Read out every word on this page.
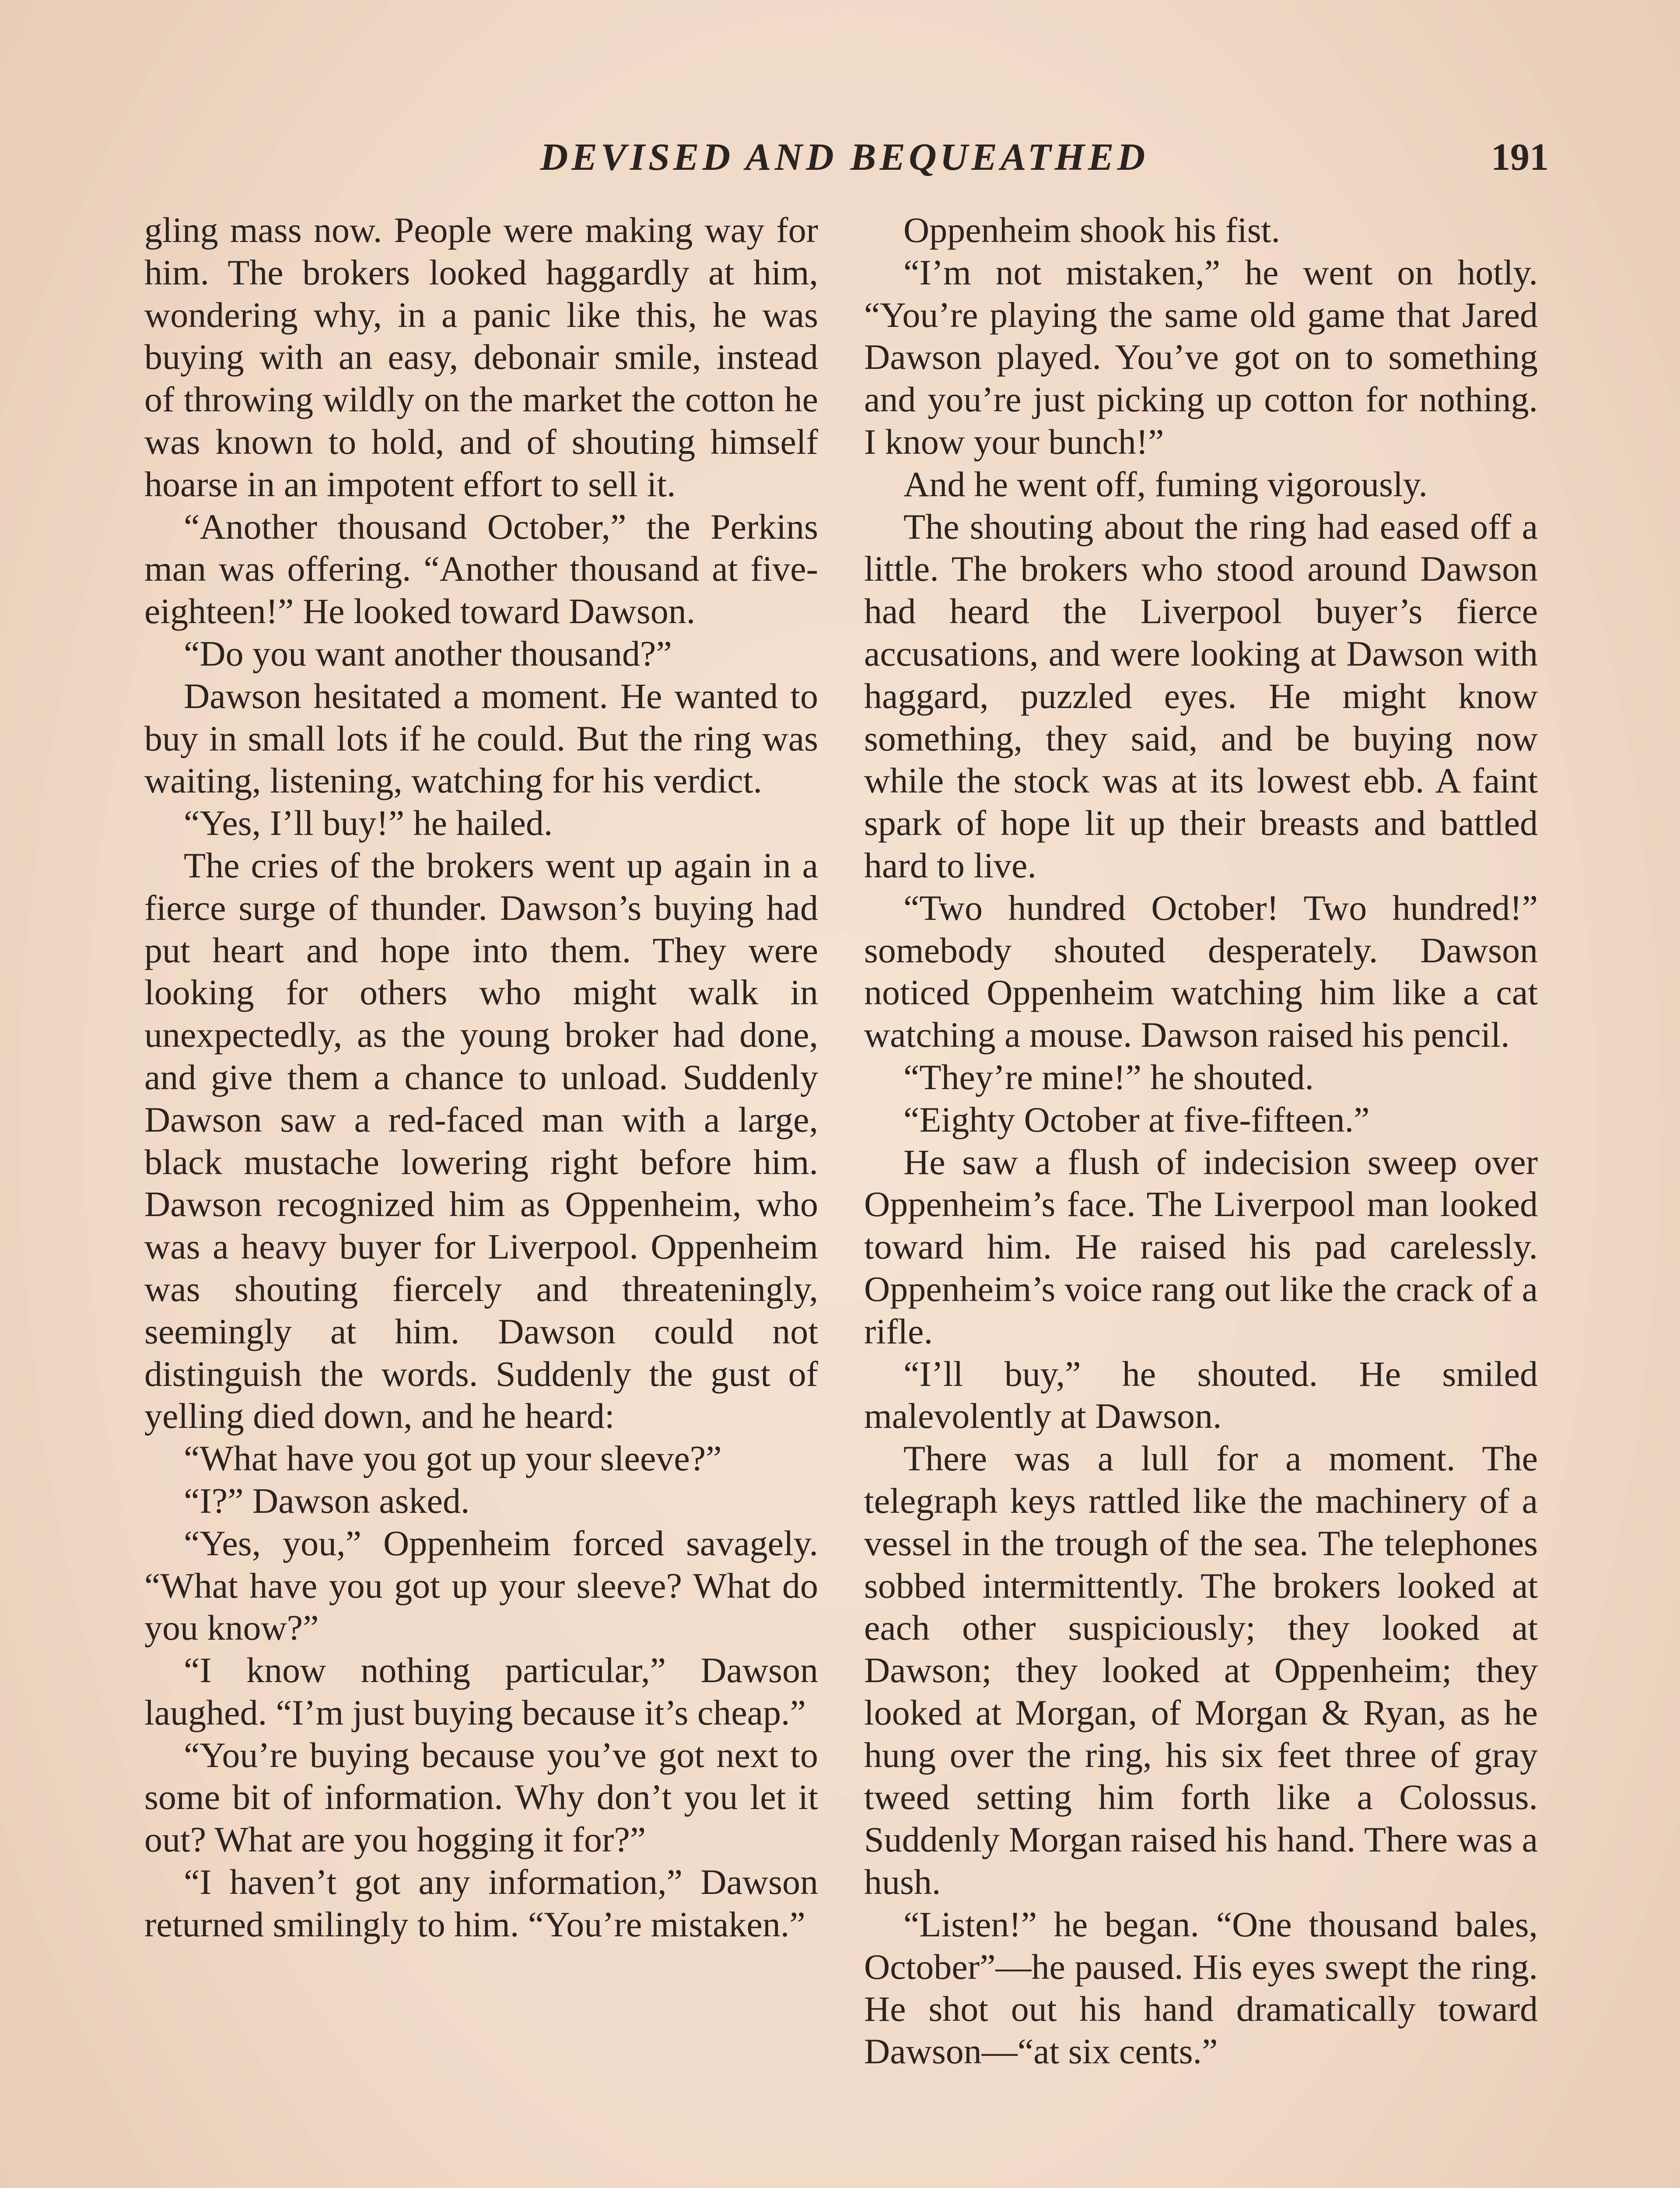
DEVISED AND BEQUEATHED	191

gling mass now. People were making way for him. The brokers looked haggardly at him, wondering why, in a panic like this, he was buying with an easy, debonair smile, instead of throwing wildly on the market the cotton he was known to hold, and of shouting himself hoarse in an impotent effort to sell it.

“Another thousand October,” the Perkins man was offering. “Another thousand at five-eighteen!” He looked toward Dawson.

“Do you want another thousand?”

Dawson hesitated a moment. He wanted to buy in small lots if he could. But the ring was waiting, listening, watching for his verdict.

“Yes, I’ll buy!” he hailed.

The cries of the brokers went up again in a fierce surge of thunder. Dawson’s buying had put heart and hope into them. They were looking for others who might walk in unexpectedly, as the young broker had done, and give them a chance to unload. Suddenly Dawson saw a red-faced man with a large, black mustache lowering right before him. Dawson recognized him as Oppenheim, who was a heavy buyer for Liverpool. Oppenheim was shouting fiercely and threateningly, seemingly at him. Dawson could not distinguish the words. Suddenly the gust of yelling died down, and he heard:

“What have you got up your sleeve?”

“I?” Dawson asked.

“Yes, you,” Oppenheim forced savagely. “What have you got up your sleeve? What do you know?”

“I know nothing particular,” Dawson laughed. “I’m just buying because it’s cheap.”

“You’re buying because you’ve got next to some bit of information. Why don’t you let it out? What are you hogging it for?”

“I haven’t got any information,” Dawson returned smilingly to him. “You’re mistaken.”

Oppenheim shook his fist.

“I’m not mistaken,” he went on hotly. “You’re playing the same old game that Jared Dawson played. You’ve got on to something and you’re just picking up cotton for nothing. I know your bunch!”

And he went off, fuming vigorously.

The shouting about the ring had eased off a little. The brokers who stood around Dawson had heard the Liverpool buyer’s fierce accusations, and were looking at Dawson with haggard, puzzled eyes. He might know something, they said, and be buying now while the stock was at its lowest ebb. A faint spark of hope lit up their breasts and battled hard to live.

“Two hundred October! Two hundred!” somebody shouted desperately. Dawson noticed Oppenheim watching him like a cat watching a mouse. Dawson raised his pencil.

“They’re mine!” he shouted.

“Eighty October at five-fifteen.”

He saw a flush of indecision sweep over Oppenheim’s face. The Liverpool man looked toward him. He raised his pad carelessly. Oppenheim’s voice rang out like the crack of a rifle.

“I’ll buy,” he shouted. He smiled malevolently at Dawson.

There was a lull for a moment. The telegraph keys rattled like the machinery of a vessel in the trough of the sea. The telephones sobbed intermittently. The brokers looked at each other suspiciously; they looked at Dawson; they looked at Oppenheim; they looked at Morgan, of Morgan & Ryan, as he hung over the ring, his six feet three of gray tweed setting him forth like a Colossus. Suddenly Morgan raised his hand. There was a hush.

“Listen!” he began. “One thousand bales, October”—he paused. His eyes swept the ring. He shot out his hand dramatically toward Dawson—“at six cents.”
